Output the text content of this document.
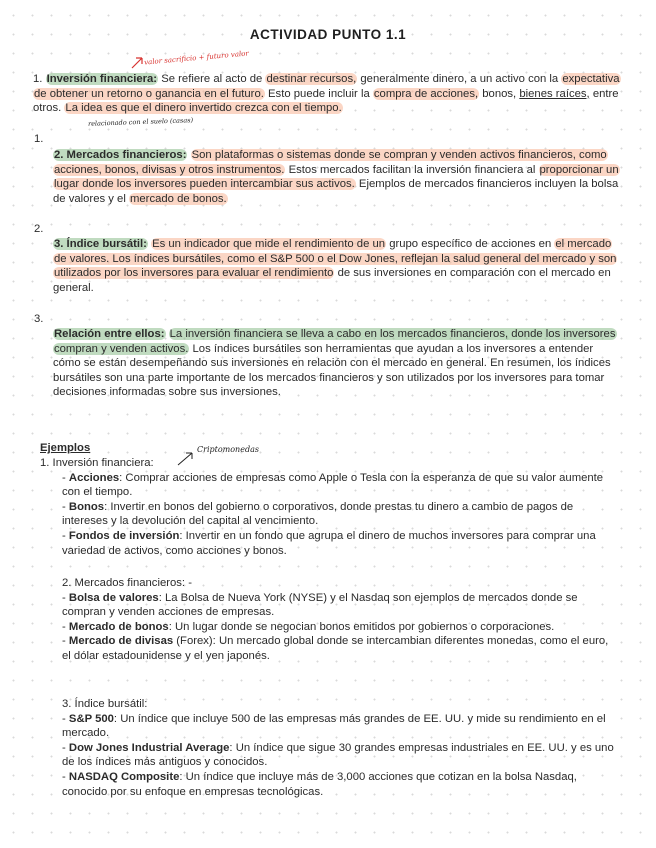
ACTIVIDAD PUNTO 1.1
valor sacrificio + futuro valor
1. Inversión financiera: Se refiere al acto de destinar recursos, generalmente dinero, a un activo con la expectativa de obtener un retorno o ganancia en el futuro. Esto puede incluir la compra de acciones, bonos, bienes raíces, entre otros. La idea es que el dinero invertido crezca con el tiempo.
relacionado con el suelo (casas)
1.
2. Mercados financieros: Son plataformas o sistemas donde se compran y venden activos financieros, como acciones, bonos, divisas y otros instrumentos. Estos mercados facilitan la inversión financiera al proporcionar un lugar donde los inversores pueden intercambiar sus activos. Ejemplos de mercados financieros incluyen la bolsa de valores y el mercado de bonos.
2.
3. Índice bursátil: Es un indicador que mide el rendimiento de un grupo específico de acciones en el mercado de valores. Los índices bursátiles, como el S&P 500 o el Dow Jones, reflejan la salud general del mercado y son utilizados por los inversores para evaluar el rendimiento de sus inversiones en comparación con el mercado en general.
3.
Relación entre ellos: La inversión financiera se lleva a cabo en los mercados financieros, donde los inversores compran y venden activos. Los índices bursátiles son herramientas que ayudan a los inversores a entender cómo se están desempeñando sus inversiones en relación con el mercado en general. En resumen, los índices bursátiles son una parte importante de los mercados financieros y son utilizados por los inversores para tomar decisiones informadas sobre sus inversiones.
Ejemplos	Criptomonedas
1. Inversión financiera:
- Acciones: Comprar acciones de empresas como Apple o Tesla con la esperanza de que su valor aumente con el tiempo.
- Bonos: Invertir en bonos del gobierno o corporativos, donde prestas tu dinero a cambio de pagos de intereses y la devolución del capital al vencimiento.
- Fondos de inversión: Invertir en un fondo que agrupa el dinero de muchos inversores para comprar una variedad de activos, como acciones y bonos.
2. Mercados financieros: -
- Bolsa de valores: La Bolsa de Nueva York (NYSE) y el Nasdaq son ejemplos de mercados donde se compran y venden acciones de empresas.
- Mercado de bonos: Un lugar donde se negocian bonos emitidos por gobiernos o corporaciones.
- Mercado de divisas (Forex): Un mercado global donde se intercambian diferentes monedas, como el euro, el dólar estadounidense y el yen japonés.
3. Índice bursátil:
- S&P 500: Un índice que incluye 500 de las empresas más grandes de EE. UU. y mide su rendimiento en el mercado.
- Dow Jones Industrial Average: Un índice que sigue 30 grandes empresas industriales en EE. UU. y es uno de los índices más antiguos y conocidos.
- NASDAQ Composite: Un índice que incluye más de 3,000 acciones que cotizan en la bolsa Nasdaq, conocido por su enfoque en empresas tecnológicas.
